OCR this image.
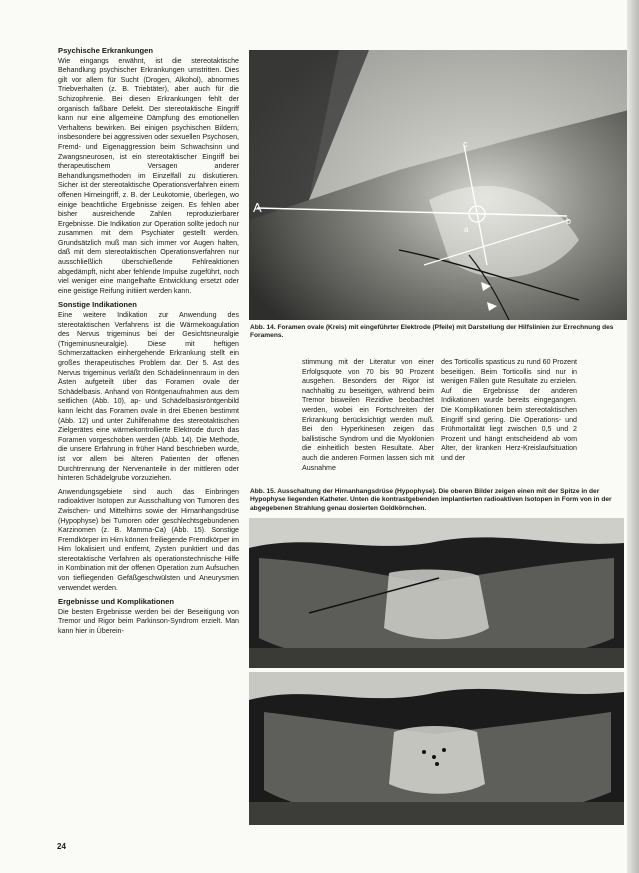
Psychische Erkrankungen

Wie eingangs erwähnt, ist die stereotaktische Behandlung psychischer Erkrankungen umstritten. Dies gilt vor allem für Sucht (Drogen, Alkohol), abnormes Triebverhalten (z. B. Triebtäter), aber auch für die Schizophrenie. Bei diesen Erkrankungen fehlt der organisch faßbare Defekt. Der stereotaktische Eingriff kann nur eine allgemeine Dämpfung des emotionellen Verhaltens bewirken. Bei einigen psychischen Bildern, insbesondere bei aggressiven oder sexuellen Psychosen, Fremd- und Eigenaggression beim Schwachsinn und Zwangsneurosen, ist ein stereotaktischer Eingriff bei therapeutischem Versagen anderer Behandlungsmethoden im Einzelfall zu diskutieren. Sicher ist der stereotaktische Operationsverfahren einem offenen Hirneingriff, z. B. der Leukotomie, überlegen, wo einige beachtliche Ergebnisse zeigen. Es fehlen aber bisher ausreichende Zahlen reproduzierbarer Ergebnisse. Die Indikation zur Operation sollte jedoch nur zusammen mit dem Psychiater gestellt werden. Grundsätzlich muß man sich immer vor Augen halten, daß mit dem stereotaktischen Operationsverfahren nur ausschließlich überschießende Fehlreaktionen abgedämpft, nicht aber fehlende Impulse zugeführt, noch viel weniger eine mangelhafte Entwicklung ersetzt oder eine geistige Reifung initiiert werden kann.

Sonstige Indikationen

Eine weitere Indikation zur Anwendung des stereotaktischen Verfahrens ist die Wärmekoagulation des Nervus trigeminus bei der Gesichtsneuralgie (Trigeminusneuralgie). Diese mit heftigen Schmerzattacken einhergehende Erkrankung stellt ein großes therapeutisches Problem dar. Der 5. Ast des Nervus trigeminus verläßt den Schädelinnenraum in den Ästen aufgeteilt über das Foramen ovale der Schädelbasis. Anhand von Röntgenaufnahmen aus dem seitlichen (Abb. 10), ap- und Schädelbasisröntgenbild kann leicht das Foramen ovale in drei Ebenen bestimmt (Abb. 12) und unter Zuhilfenahme des stereotaktischen Zielgerätes eine wärmekontrollierte Elektrode durch das Foramen vorgeschoben werden (Abb. 14). Die Methode, die unsere Erfahrung in früher Hand beschrieben wurde, ist vor allem bei älteren Patienten der offenen Durchtrennung der Nervenanteile in der mittleren oder hinteren Schädelgrube vorzuziehen.

Anwendungsgebiete sind auch das Einbringen radioaktiver Isotopen zur Ausschaltung von Tumoren des Zwischen- und Mittelhirns sowie der Hirnanhangsdrüse (Hypophyse) bei Tumoren oder geschlechtsgebundenen Karzinomen (z. B. Mamma-Ca) (Abb. 15). Sonstige Fremdkörper im Hirn können freiliegende Fremdkörper im Hirn lokalisiert und entfernt, Zysten punktiert und das stereotaktische Verfahren als operationstechnische Hilfe in Kombination mit der offenen Operation zum Aufsuchen von tiefliegenden Gefäßgeschwülsten und Aneurysmen verwendet werden.

Ergebnisse und Komplikationen

Die besten Ergebnisse werden bei der Beseitigung von Tremor und Rigor beim Parkinson-Syndrom erzielt. Man kann hier in Überein-

A
c
b
a
Abb. 14. Foramen ovale (Kreis) mit eingeführter Elektrode (Pfeile) mit Darstellung der Hilfslinien zur Errechnung des Foramens.
stimmung mit der Literatur von einer Erfolgsquote von 70 bis 90 Prozent ausgehen. Besonders der Rigor ist nachhaltig zu beseitigen, während beim Tremor bisweilen Rezidive beobachtet werden, wobei ein Fortschreiten der Erkrankung berücksichtigt werden muß. Bei den Hyperkinesen zeigen das ballistische Syndrom und die Myoklonien die einheitlich besten Resultate. Aber auch die anderen Formen lassen sich mit Ausnahme
des Torticollis spasticus zu rund 60 Prozent beseitigen. Beim Torticollis sind nur in wenigen Fällen gute Resultate zu erzielen. Auf die Ergebnisse der anderen Indikationen wurde bereits eingegangen. Die Komplikationen beim stereotaktischen Eingriff sind gering. Die Operations- und Frühmortalität liegt zwischen 0,5 und 2 Prozent und hängt entscheidend ab vom Alter, der kranken Herz-Kreislaufsituation und der
Abb. 15. Ausschaltung der Hirnanhangsdrüse (Hypophyse). Die oberen Bilder zeigen einen mit der Spitze in der Hypophyse liegenden Katheter. Unten die kontrastgebenden implantierten radioaktiven Isotopen in Form von in der abgegebenen Strahlung genau dosierten Goldkörnchen.
24
